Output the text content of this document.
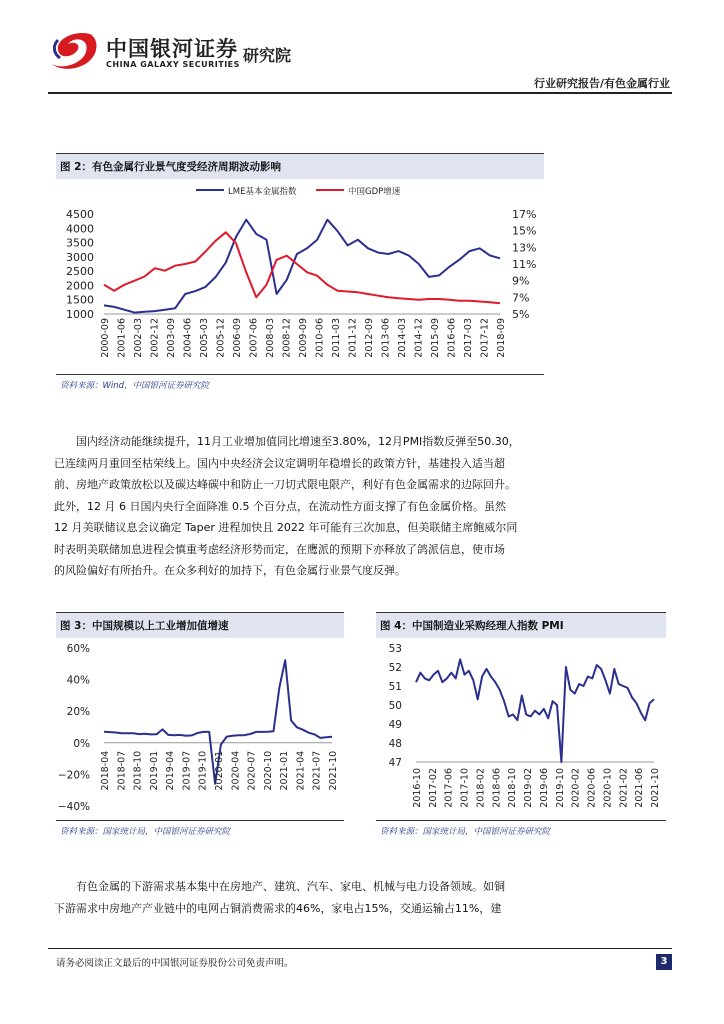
中国银河证券
CHINA GALAXY SECURITIES 研究院
行业研究报告/有色金属行业
图 2：有色金属行业景气度受经济周期波动影响
LME基本金属指数	中国GDP增速
4500
4000
3500
3000
2500
2000
1500
1000
17%
15%
13%
11%
9%
7%
5%
2000-09 2001-06 2002-03 2002-12 2003-09 2004-06 2005-03 2005-12 2006-09 2007-06 2008-03 2008-12 2009-09 2010-06 2011-03 2011-12 2012-09 2013-06 2014-03 2014-12 2015-09 2016-06 2017-03 2017-12 2018-09
资料来源：Wind，中国银河证券研究院
国内经济动能继续提升，11月工业增加值同比增速至3.80%，12月PMI指数反弹至50.30，
已连续两月重回至枯荣线上。国内中央经济会议定调明年稳增长的政策方针，基建投入适当超
前、房地产政策放松以及碳达峰碳中和防止一刀切式限电限产，利好有色金属需求的边际回升。
此外，12 月 6 日国内央行全面降准 0.5 个百分点，在流动性方面支撑了有色金属价格。虽然
12 月美联储议息会议确定 Taper 进程加快且 2022 年可能有三次加息，但美联储主席鲍威尔同
时表明美联储加息进程会慎重考虑经济形势而定，在鹰派的预期下亦释放了鸽派信息，使市场
的风险偏好有所抬升。在众多利好的加持下，有色金属行业景气度反弹。
图 3：中国规模以上工业增加值增速
60%
40%
20%
0%
−20%
−40%
2018-04 2018-07 2018-10 2019-01 2019-04 2019-07 2019-10 2020-01 2020-04 2020-07 2020-10 2021-01 2021-04 2021-07 2021-10
资料来源：国家统计局，中国银河证券研究院
图 4：中国制造业采购经理人指数 PMI
53
52
51
50
49
48
47
2016-10 2017-02 2017-06 2017-10 2018-02 2018-06 2018-10 2019-02 2019-06 2019-10 2020-02 2020-06 2020-10 2021-02 2021-06 2021-10
资料来源：国家统计局，中国银河证券研究院
有色金属的下游需求基本集中在房地产、建筑、汽车、家电、机械与电力设备领域。如铜
下游需求中房地产产业链中的电网占铜消费需求的46%，家电占15%，交通运输占11%，建
请务必阅读正文最后的中国银河证券股份公司免责声明。	3
